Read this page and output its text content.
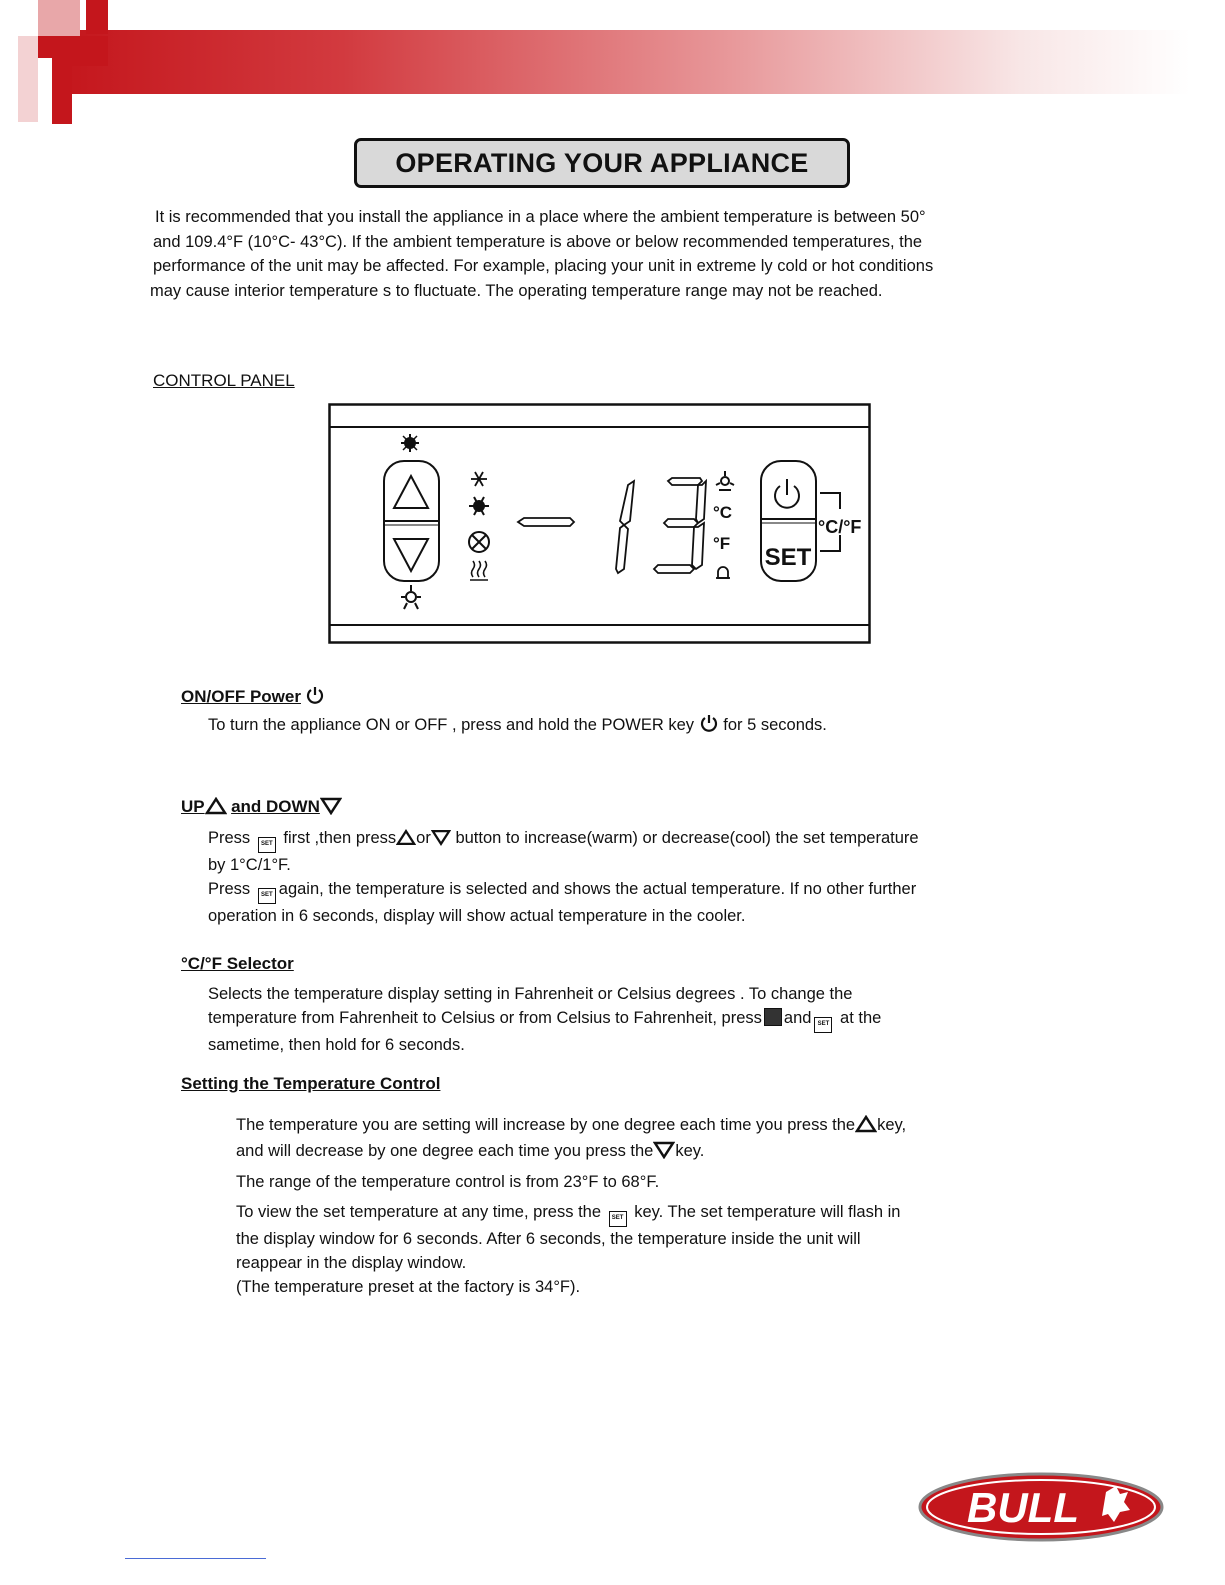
OPERATING YOUR APPLIANCE

It is recommended that you install the appliance in a place where the ambient temperature is between 50°

and 109.4°F (10°C- 43°C). If the ambient temperature is above or below recommended temperatures, the

performance of the unit may be affected. For example, placing your unit in extreme ly cold or hot conditions

may cause interior temperature s to fluctuate. The operating temperature range may not be reached.

CONTROL PANEL
°C
°F
SET
°C/°F
ON/OFF Power
To turn the appliance ON or OFF , press and hold the POWER key for 5 seconds.
UP and DOWN

Press SET first ,then press or button to increase(warm) or decrease(cool) the set temperature

by 1°C/1°F.

Press SET again, the temperature is selected and shows the actual temperature. If no other further

operation in 6 seconds, display will show actual temperature in the cooler.

°C/°F Selector

Selects the temperature display setting in Fahrenheit or Celsius degrees . To change the

temperature from Fahrenheit to Celsius or from Celsius to Fahrenheit, press and SET at the

sametime, then hold for 6 seconds.

Setting the Temperature Control

The temperature you are setting will increase by one degree each time you press the key,

and will decrease by one degree each time you press the key.

The range of the temperature control is from 23°F to 68°F.

To view the set temperature at any time, press the SET key. The set temperature will flash in

the display window for 6 seconds. After 6 seconds, the temperature inside the unit will

reappear in the display window.

(The temperature preset at the factory is 34°F).

BULL
